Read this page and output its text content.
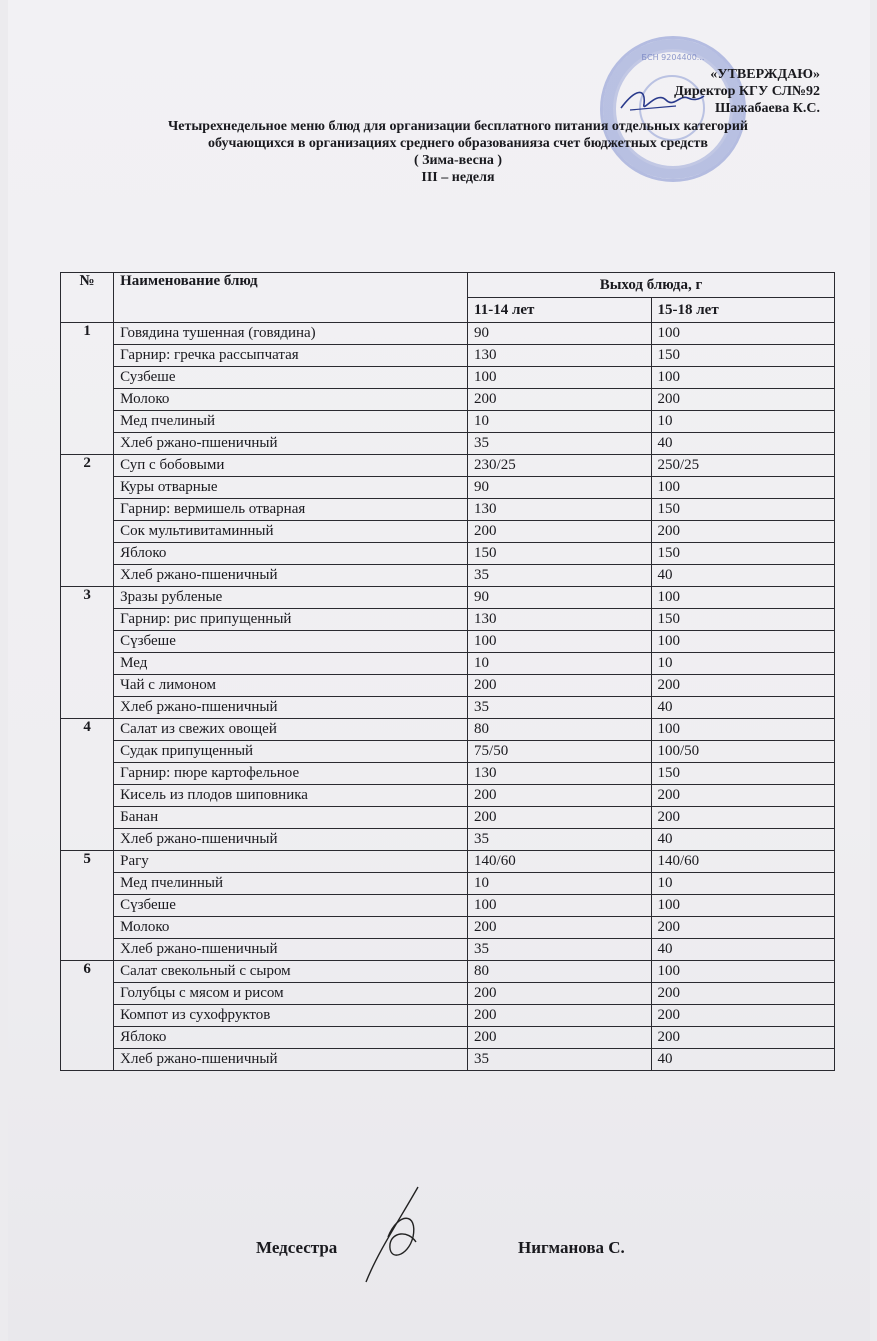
БСН 9204400...
«УТВЕРЖДАЮ»
Директор КГУ СЛ№92
Шажабаева К.С.
Четырехнедельное меню блюд для организации бесплатного питания отдельных категорий
обучающихся в организациях среднего образованияза счет бюджетных средств
( Зима-весна )
III – неделя
№	Наименование блюд	Выход блюда, г	
		11-14 лет	15-18 лет
1	Говядина тушенная (говядина)	90	100
	Гарнир: гречка рассыпчатая	130	150
	Сузбеше	100	100
	Молоко	200	200
	Мед пчелиный	10	10
	Хлеб ржано-пшеничный	35	40
2	Суп с бобовыми	230/25	250/25
	Куры отварные	90	100
	Гарнир: вермишель отварная	130	150
	Сок мультивитаминный	200	200
	Яблоко	150	150
	Хлеб ржано-пшеничный	35	40
3	Зразы рубленые	90	100
	Гарнир: рис припущенный	130	150
	Сүзбеше	100	100
	Мед	10	10
	Чай с лимоном	200	200
	Хлеб ржано-пшеничный	35	40
4	Салат из свежих овощей	80	100
	Судак припущенный	75/50	100/50
	Гарнир: пюре картофельное	130	150
	Кисель из плодов шиповника	200	200
	Банан	200	200
	Хлеб ржано-пшеничный	35	40
5	Рагу	140/60	140/60
	Мед пчелинный	10	10
	Сүзбеше	100	100
	Молоко	200	200
	Хлеб ржано-пшеничный	35	40
6	Салат свекольный с сыром	80	100
	Голубцы с мясом и рисом	200	200
	Компот из сухофруктов	200	200
	Яблоко	200	200
	Хлеб ржано-пшеничный	35	40
Медсестра	Нигманова С.
